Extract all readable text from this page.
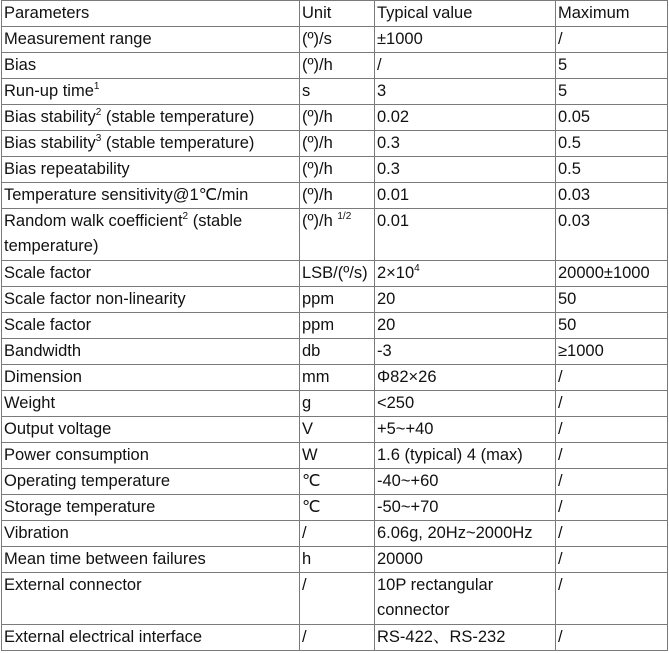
Parameters	Unit	Typical value	Maximum
Measurement range	(º)/s	±1000	/
Bias	(º)/h	/	5
Run-up time$^1$	s	3	5
Bias stability$^2$ (stable temperature)	(º)/h	0.02	0.05
Bias stability$^3$ (stable temperature)	(º)/h	0.3	0.5
Bias repeatability	(º)/h	0.3	0.5
Temperature sensitivity@1℃/min	(º)/h	0.01	0.03
Random walk coefficient$^2$ (stable temperature)	(º)/h $^{1/2}$	0.01	0.03
Scale factor	LSB/(º/s)	$2\times 10^4$	20000±1000
Scale factor non-linearity	ppm	20	50
Scale factor	ppm	20	50
Bandwidth	db	-3	≥1000
Dimension	mm	Φ82×26	/
Weight	g	<250	/
Output voltage	V	+5~+40	/
Power consumption	W	1.6 (typical) 4 (max)	/
Operating temperature	℃	-40~+60	/
Storage temperature	℃	-50~+70	/
Vibration	/	6.06g, 20Hz~2000Hz	/
Mean time between failures	h	20000	/
External connector	/	10P rectangular connector	/
External electrical interface	/	RS-422、RS-232	/
